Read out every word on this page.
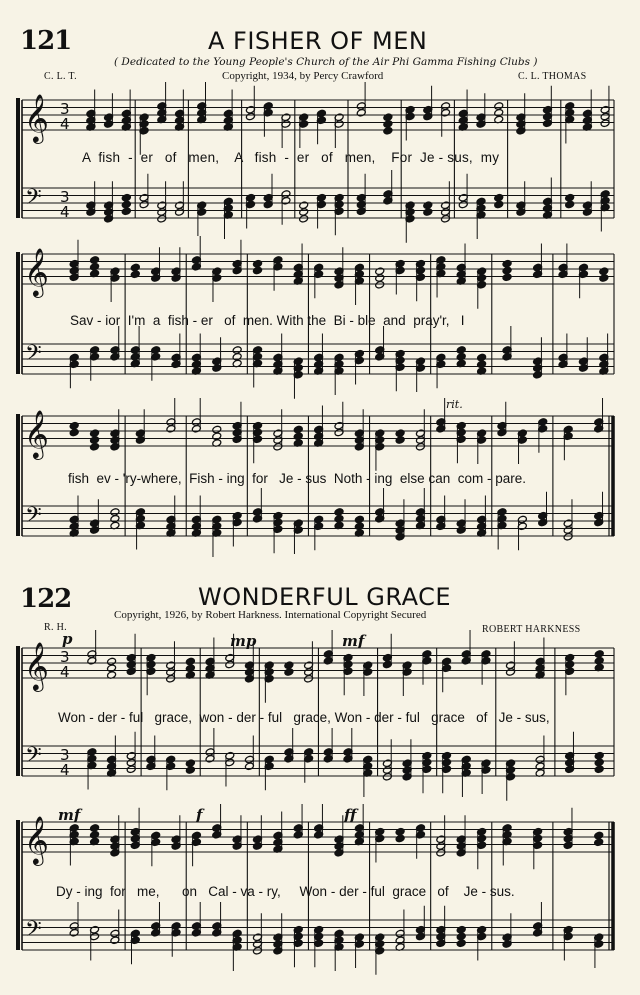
121	A FISHER OF MEN
( Dedicated to the Young People's Church of the Air Phi Gamma Fishing Clubs )
C. L. T.	Copyright, 1934, by Percy Crawford	C. L. THOMAS
A  fish  -  er   of   men,    A   fish  -  er   of   men,    For  Je - sus,  my
Sav - ior  I'm  a  fish - er   of  men. With the  Bi - ble  and  pray'r,   I
fish  ev - 'ry-where,  Fish - ing  for   Je - sus  Noth - ing  else can  com - pare.
rit.
122	WONDERFUL GRACE
Copyright, 1926, by Robert Harkness. International Copyright Secured
R. H.	ROBERT HARKNESS
p	mp	mf
mf	f	ff
Won - der - ful   grace,  won - der - ful   grace, Won - der - ful   grace   of   Je - sus,
Dy - ing  for   me,      on   Cal - va - ry,     Won - der - ful  grace   of    Je - sus.
𝄞
𝄢
3
4
3
4
𝄞
𝄢
𝄞
𝄢
𝄞
𝄢
3
4
3
4
𝄞
𝄢
